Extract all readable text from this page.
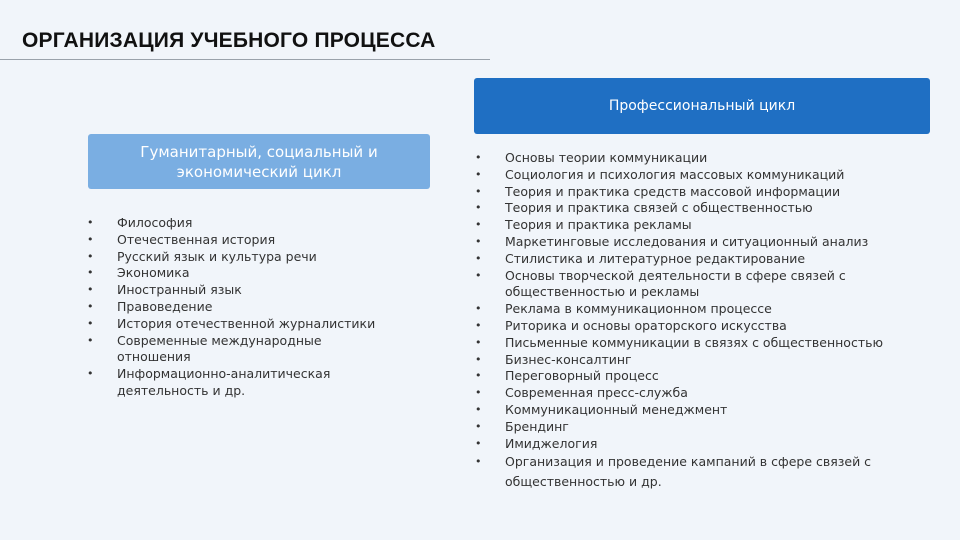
ОРГАНИЗАЦИЯ УЧЕБНОГО ПРОЦЕССА
Гуманитарный, социальный и
экономический цикл
Профессиональный цикл
• Философия
• Отечественная история
• Русский язык и культура речи
• Экономика
• Иностранный язык
• Правоведение
• История отечественной журналистики
• Современные международные отношения
• Информационно-аналитическая деятельность и др.
• Основы теории коммуникации
• Социология и психология массовых коммуникаций
• Теория и практика средств массовой информации
• Теория и практика связей с общественностью
• Теория и практика рекламы
• Маркетинговые исследования и ситуационный анализ
• Стилистика и литературное редактирование
• Основы творческой деятельности в сфере связей с общественностью и рекламы
• Реклама в коммуникационном процессе
• Риторика и основы ораторского искусства
• Письменные коммуникации в связях с общественностью
• Бизнес-консалтинг
• Переговорный процесс
• Современная пресс-служба
• Коммуникационный менеджмент
• Брендинг
• Имиджелогия
• Организация и проведение кампаний в сфере связей с общественностью и др.
